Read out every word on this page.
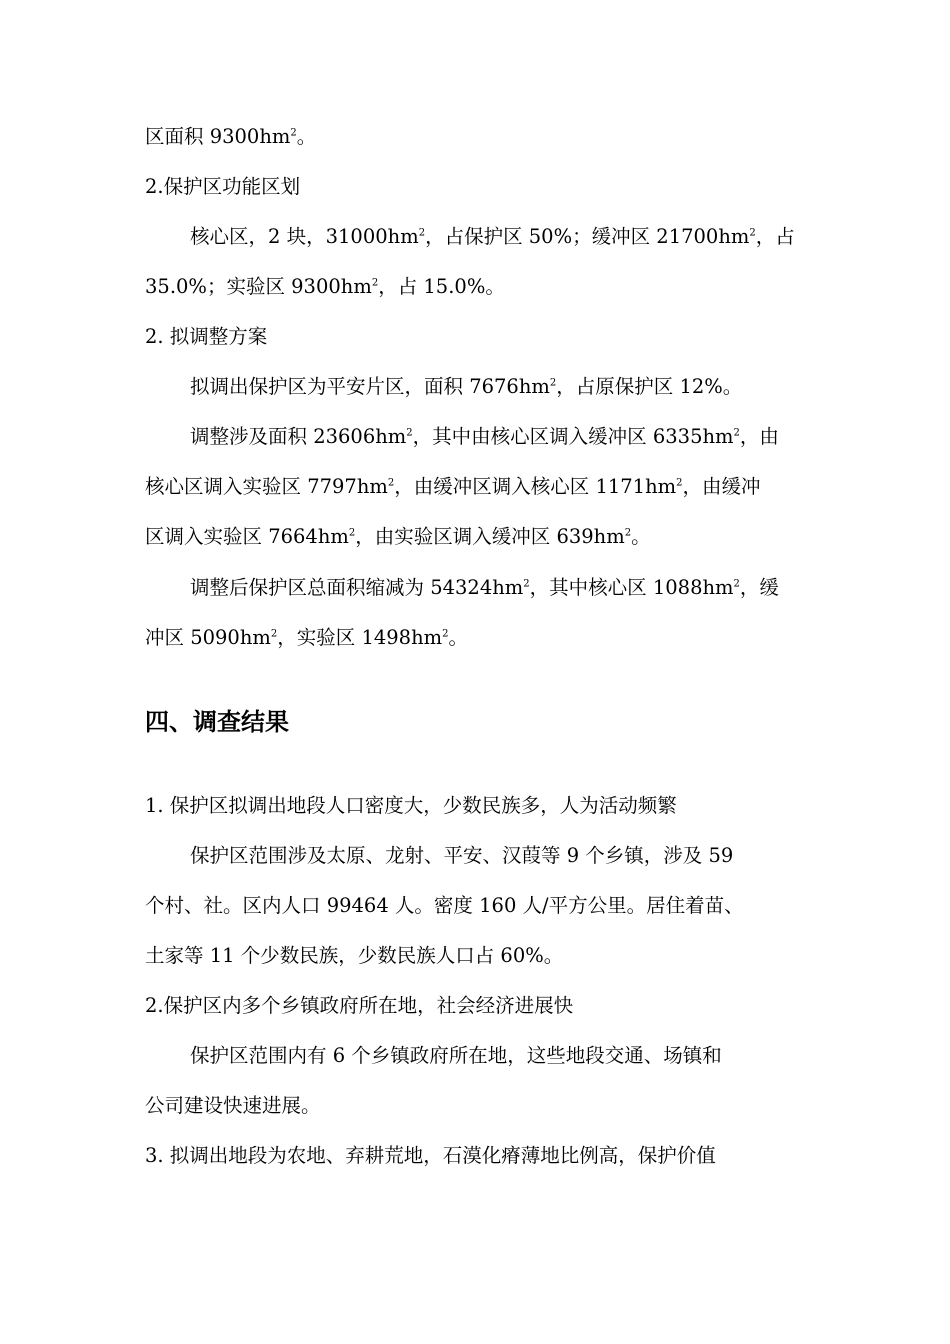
区面积 $9300hm^2$。
2.保护区功能区划
核心区，2 块，$31000hm^2$，占保护区 50%；缓冲区 $21700hm^2$，占
35.0%；实验区 $9300hm^2$，占 15.0%。
2. 拟调整方案
拟调出保护区为平安片区，面积 $7676hm^2$，占原保护区 12%。
调整涉及面积 $23606hm^2$，其中由核心区调入缓冲区 $6335hm^2$，由
核心区调入实验区 $7797hm^2$，由缓冲区调入核心区 $1171hm^2$，由缓冲
区调入实验区 $7664hm^2$，由实验区调入缓冲区 $639hm^2$。
调整后保护区总面积缩减为 $54324hm^2$，其中核心区 $1088hm^2$，缓
冲区 $5090hm^2$，实验区 $1498hm^2$。
四、调查结果
1. 保护区拟调出地段人口密度大，少数民族多，人为活动频繁
保护区范围涉及太原、龙射、平安、汉葭等 9 个乡镇，涉及 59
个村、社。区内人口 99464 人。密度 160 人/平方公里。居住着苗、
土家等 11 个少数民族，少数民族人口占 60%。
2.保护区内多个乡镇政府所在地，社会经济进展快
保护区范围内有 6 个乡镇政府所在地，这些地段交通、场镇和
公司建设快速进展。
3. 拟调出地段为农地、弃耕荒地，石漠化瘠薄地比例高，保护价值
